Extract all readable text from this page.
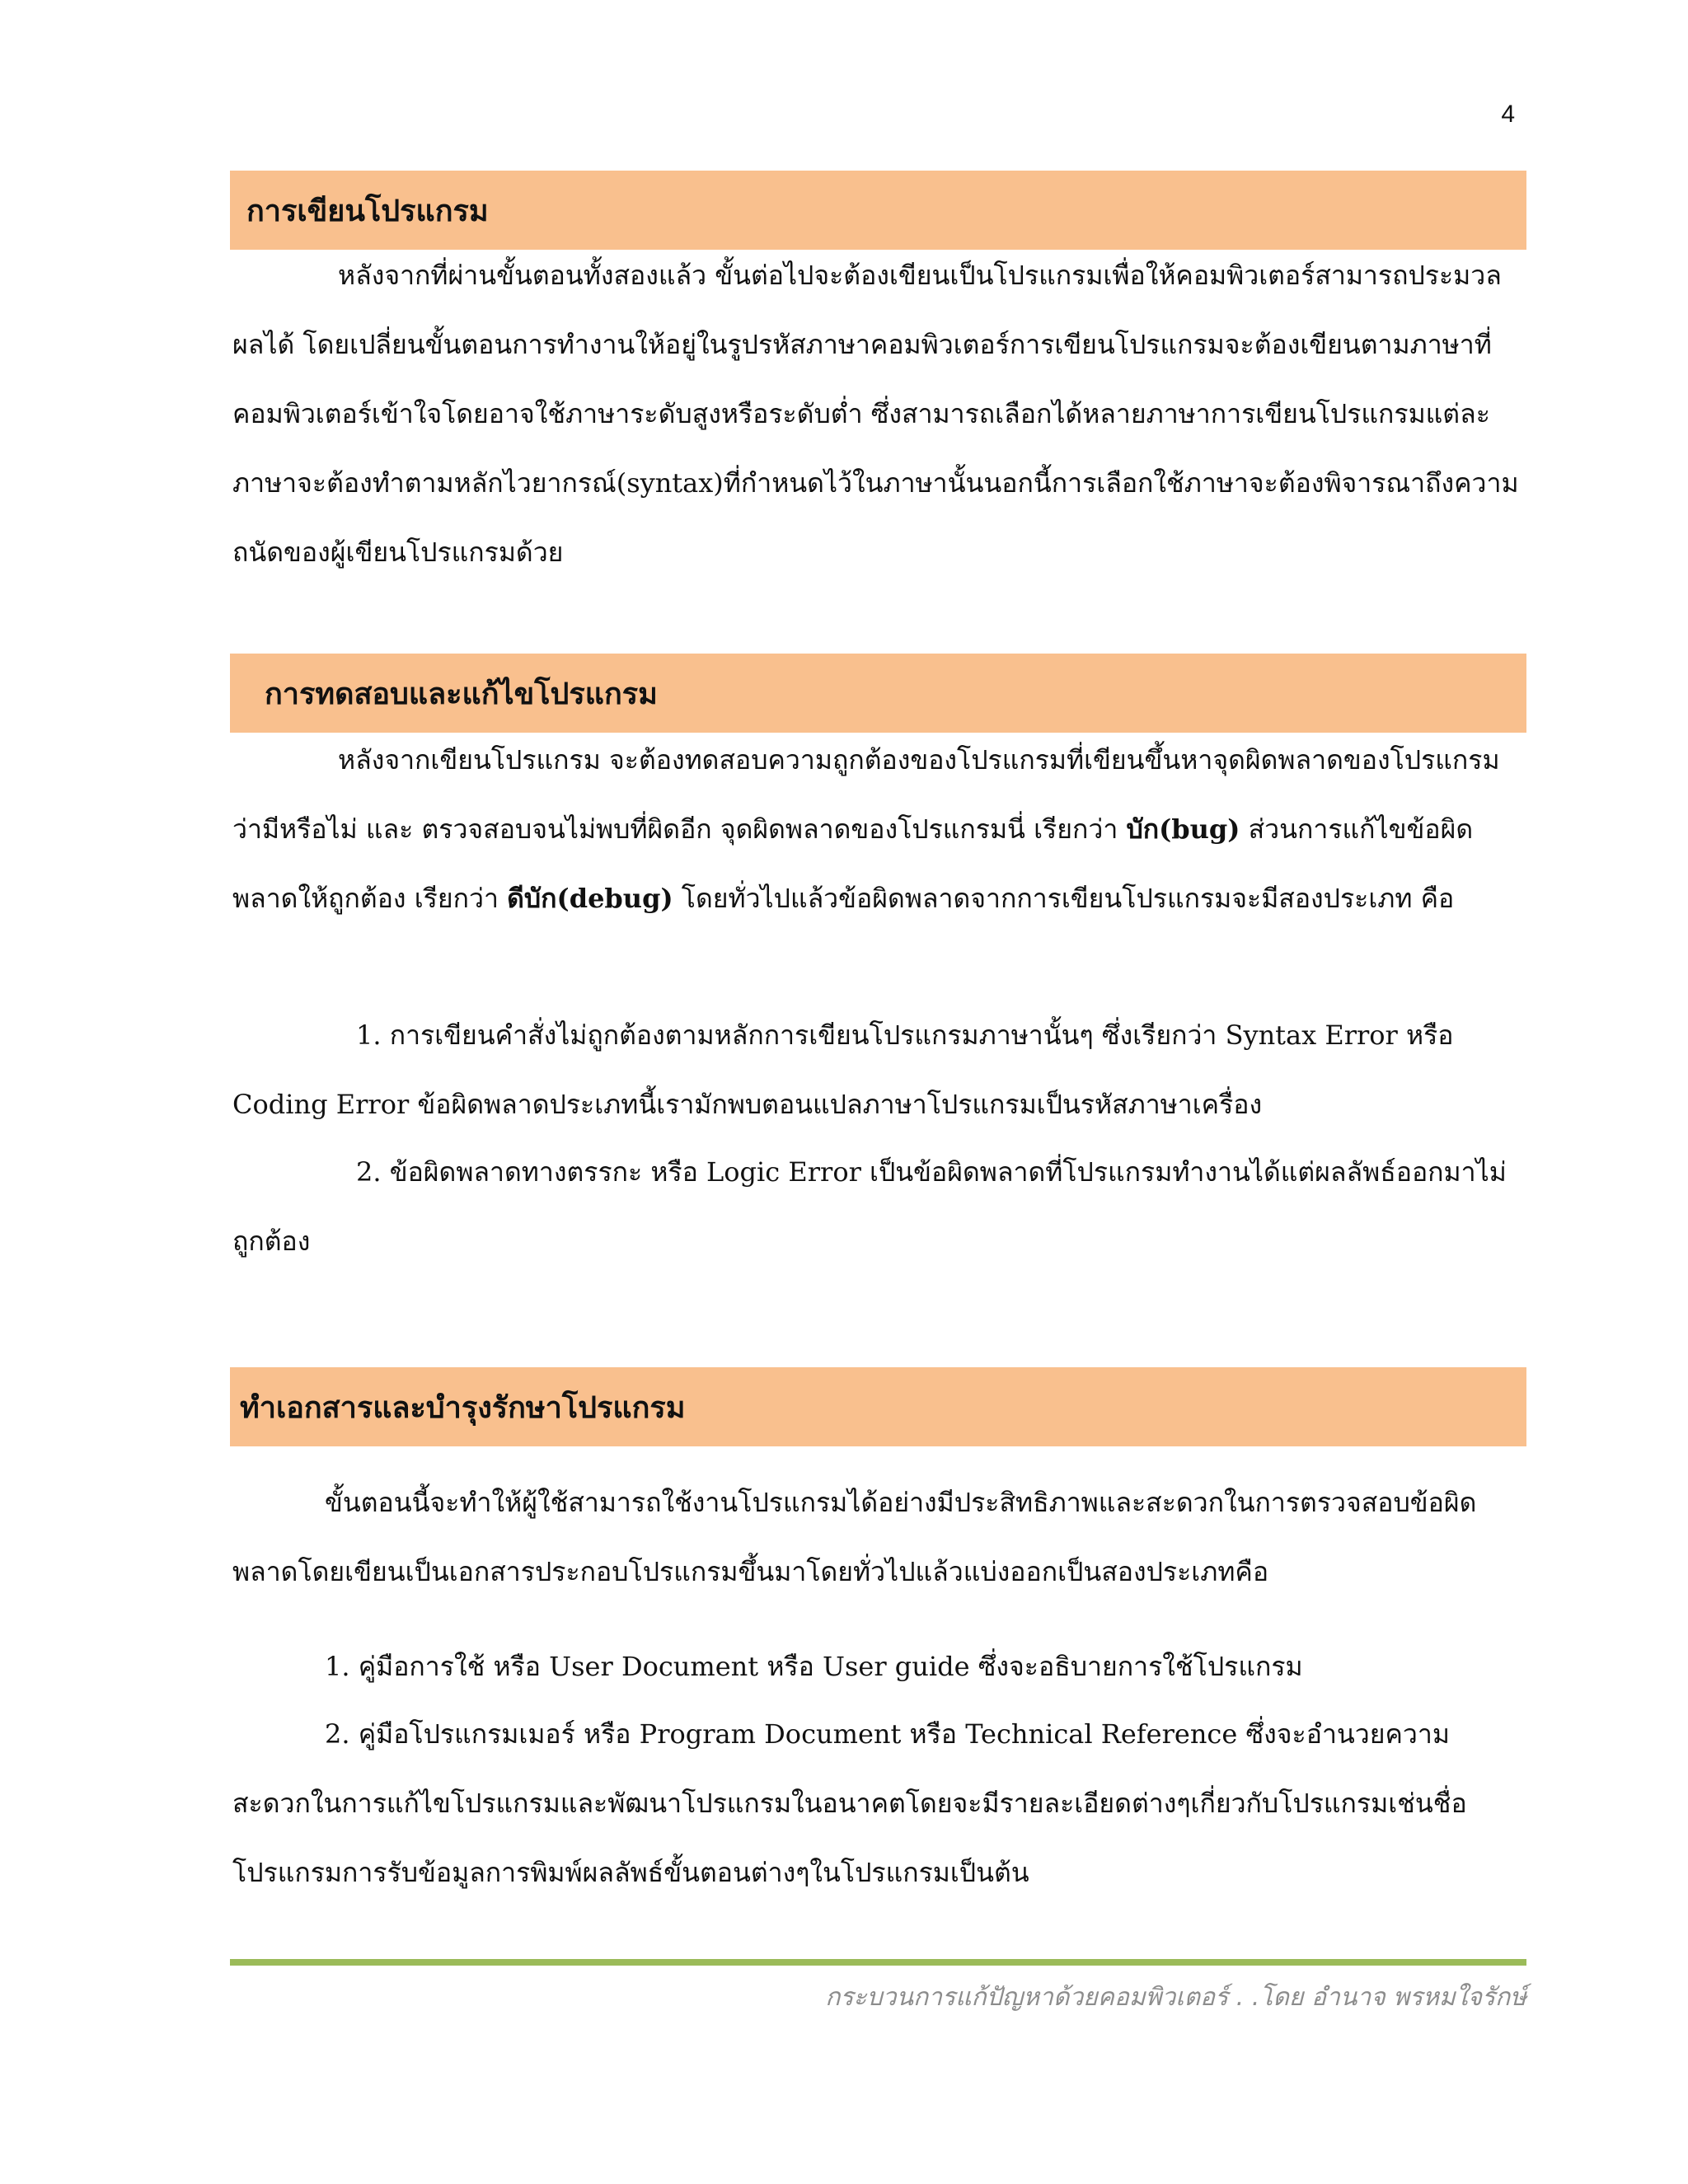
4
การเขียนโปรแกรม

หลังจากที่ผ่านขั้นตอนทั้งสองแล้ว ขั้นต่อไปจะต้องเขียนเป็นโปรแกรมเพื่อให้คอมพิวเตอร์สามารถประมวลผลได้ โดยเปลี่ยนขั้นตอนการทำงานให้อยู่ในรูปรหัสภาษาคอมพิวเตอร์การเขียนโปรแกรมจะต้องเขียนตามภาษาที่คอมพิวเตอร์เข้าใจโดยอาจใช้ภาษาระดับสูงหรือระดับต่ำ ซึ่งสามารถเลือกได้หลายภาษาการเขียนโปรแกรมแต่ละภาษาจะต้องทำตามหลักไวยากรณ์(syntax)ที่กำหนดไว้ในภาษานั้นนอกนี้การเลือกใช้ภาษาจะต้องพิจารณาถึงความถนัดของผู้เขียนโปรแกรมด้วย

การทดสอบและแก้ไขโปรแกรม

หลังจากเขียนโปรแกรม จะต้องทดสอบความถูกต้องของโปรแกรมที่เขียนขึ้นหาจุดผิดพลาดของโปรแกรมว่ามีหรือไม่ และ ตรวจสอบจนไม่พบที่ผิดอีก จุดผิดพลาดของโปรแกรมนี่ เรียกว่า บัก(bug) ส่วนการแก้ไขข้อผิดพลาดให้ถูกต้อง เรียกว่า ดีบัก(debug) โดยทั่วไปแล้วข้อผิดพลาดจากการเขียนโปรแกรมจะมีสองประเภท คือ

1. การเขียนคำสั่งไม่ถูกต้องตามหลักการเขียนโปรแกรมภาษานั้นๆ ซึ่งเรียกว่า Syntax Error หรือ Coding Error ข้อผิดพลาดประเภทนี้เรามักพบตอนแปลภาษาโปรแกรมเป็นรหัสภาษาเครื่อง

2. ข้อผิดพลาดทางตรรกะ หรือ Logic Error เป็นข้อผิดพลาดที่โปรแกรมทำงานได้แต่ผลลัพธ์ออกมาไม่ถูกต้อง

ทำเอกสารและบำรุงรักษาโปรแกรม

ขั้นตอนนี้จะทำให้ผู้ใช้สามารถใช้งานโปรแกรมได้อย่างมีประสิทธิภาพและสะดวกในการตรวจสอบข้อผิดพลาดโดยเขียนเป็นเอกสารประกอบโปรแกรมขึ้นมาโดยทั่วไปแล้วแบ่งออกเป็นสองประเภทคือ

1. คู่มือการใช้ หรือ User Document หรือ User guide ซึ่งจะอธิบายการใช้โปรแกรม

2. คู่มือโปรแกรมเมอร์ หรือ Program Document หรือ Technical Reference ซึ่งจะอำนวยความสะดวกในการแก้ไขโปรแกรมและพัฒนาโปรแกรมในอนาคตโดยจะมีรายละเอียดต่างๆเกี่ยวกับโปรแกรมเช่นชื่อโปรแกรมการรับข้อมูลการพิมพ์ผลลัพธ์ขั้นตอนต่างๆในโปรแกรมเป็นต้น

กระบวนการแก้ปัญหาด้วยคอมพิวเตอร์ . .โดย อำนาจ พรหมใจรักษ์
